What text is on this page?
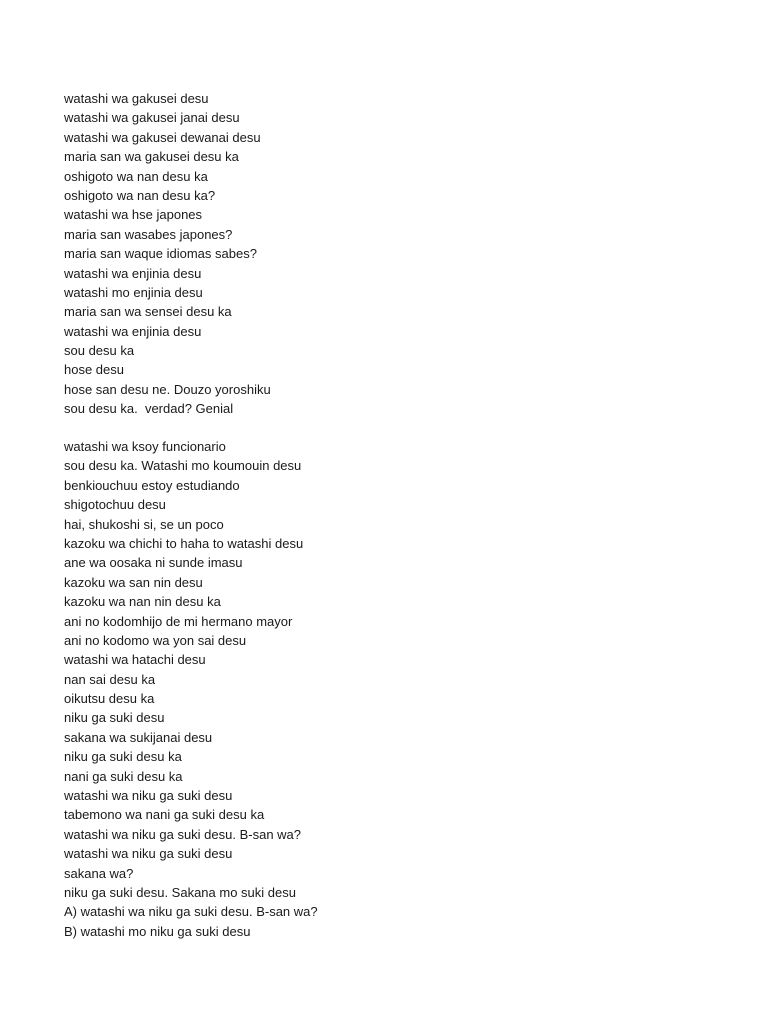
watashi wa gakusei desu
watashi wa gakusei janai desu
watashi wa gakusei dewanai desu
maria san wa gakusei desu ka
oshigoto wa nan desu ka
oshigoto wa nan desu ka?
watashi wa hse japones
maria san wasabes japones?
maria san waque idiomas sabes?
watashi wa enjinia desu
watashi mo enjinia desu
maria san wa sensei desu ka
watashi wa enjinia desu
sou desu ka
hose desu
hose san desu ne. Douzo yoroshiku
sou desu ka.  verdad? Genial
watashi wa ksoy funcionario
sou desu ka. Watashi mo koumouin desu
benkiouchuu estoy estudiando
shigotochuu desu
hai, shukoshi si, se un poco
kazoku wa chichi to haha to watashi desu
ane wa oosaka ni sunde imasu
kazoku wa san nin desu
kazoku wa nan nin desu ka
ani no kodomhijo de mi hermano mayor
ani no kodomo wa yon sai desu
watashi wa hatachi desu
nan sai desu ka
oikutsu desu ka
niku ga suki desu
sakana wa sukijanai desu
niku ga suki desu ka
nani ga suki desu ka
watashi wa niku ga suki desu
tabemono wa nani ga suki desu ka
watashi wa niku ga suki desu. B-san wa?
watashi wa niku ga suki desu
sakana wa?
niku ga suki desu. Sakana mo suki desu
A) watashi wa niku ga suki desu. B-san wa?
B) watashi mo niku ga suki desu
